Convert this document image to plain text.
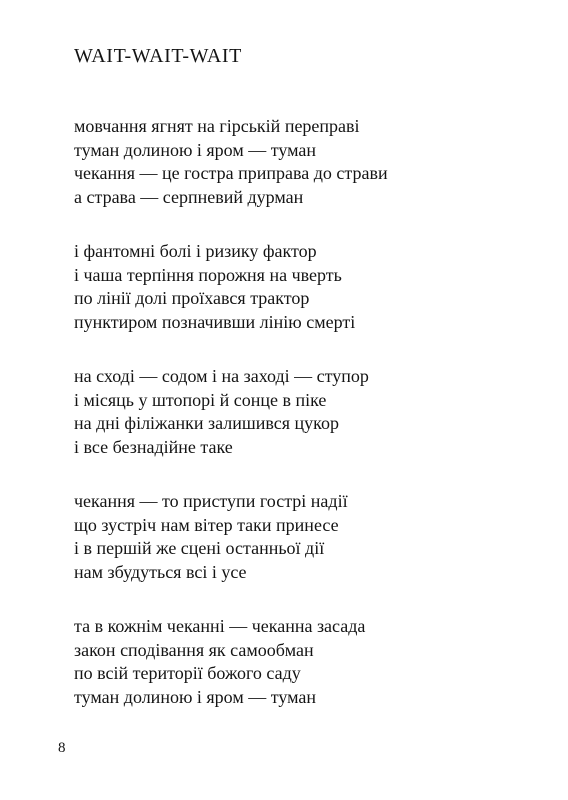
WAIT-WAIT-WAIT
мовчання ягнят на гірській переправі
туман долиною і яром — туман
чекання — це гостра приправа до страви
а страва — серпневий дурман
і фантомні болі і ризику фактор
і чаша терпіння порожня на чверть
по лінії долі проїхався трактор
пунктиром позначивши лінію смерті
на сході — содом і на заході — ступор
і місяць у штопорі й сонце в піке
на дні філіжанки залишився цукор
і все безнадійне таке
чекання — то приступи гострі надії
що зустріч нам вітер таки принесе
і в першій же сцені останньої дії
нам збудуться всі і усе
та в кожнім чеканні — чеканна засада
закон сподівання як самообман
по всій території божого саду
туман долиною і яром — туман
8
